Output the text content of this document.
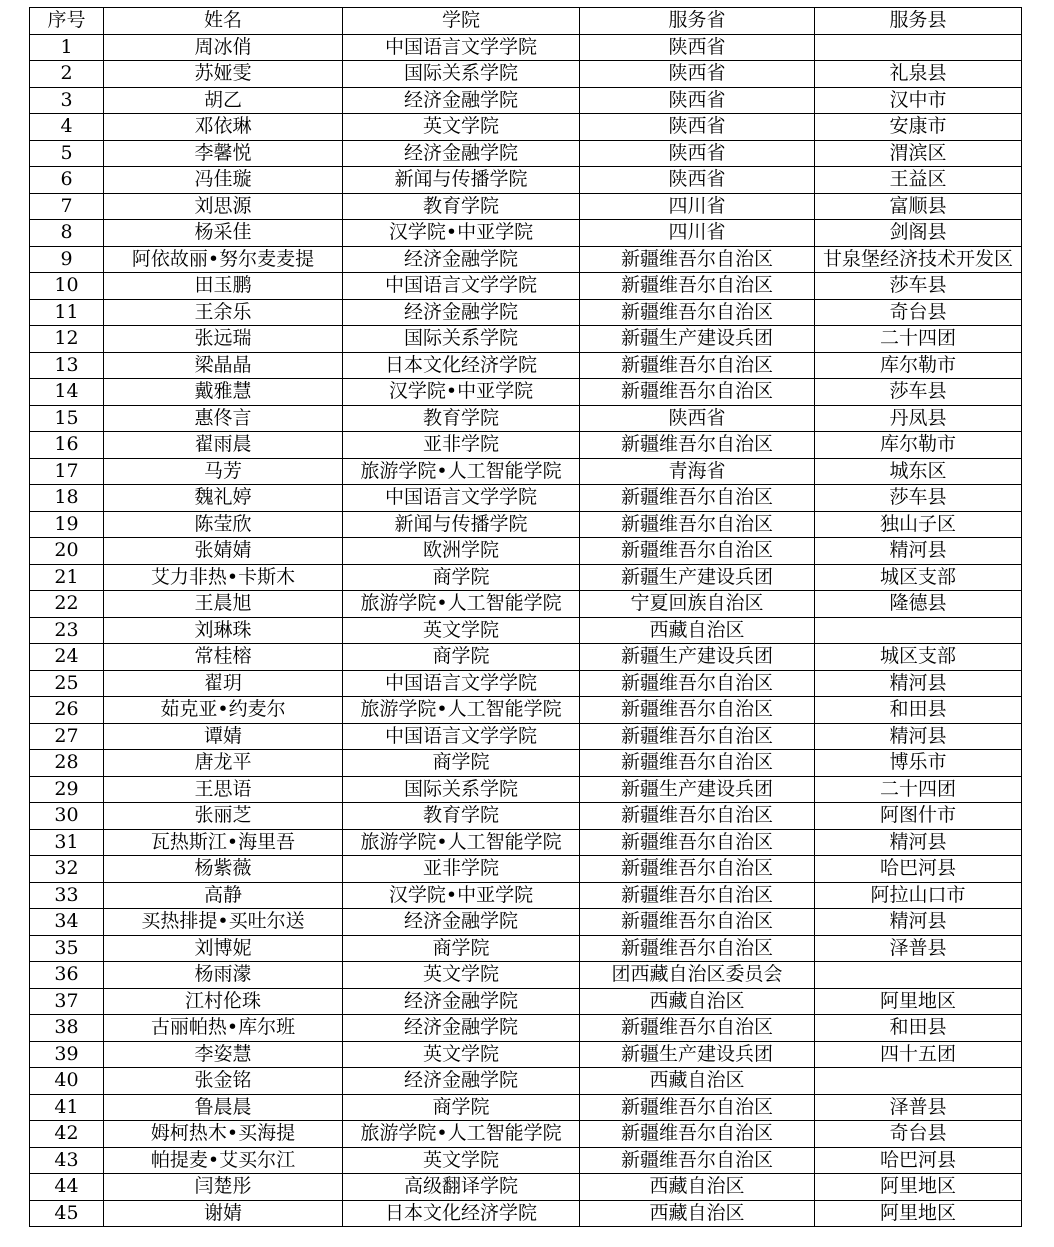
序号	姓名	学院	服务省	服务县
1	周冰俏	中国语言文学学院	陕西省	
2	苏娅雯	国际关系学院	陕西省	礼泉县
3	胡乙	经济金融学院	陕西省	汉中市
4	邓依琳	英文学院	陕西省	安康市
5	李馨悦	经济金融学院	陕西省	渭滨区
6	冯佳璇	新闻与传播学院	陕西省	王益区
7	刘思源	教育学院	四川省	富顺县
8	杨采佳	汉学院•中亚学院	四川省	剑阁县
9	阿依故丽•努尔麦麦提	经济金融学院	新疆维吾尔自治区	甘泉堡经济技术开发区
10	田玉鹏	中国语言文学学院	新疆维吾尔自治区	莎车县
11	王余乐	经济金融学院	新疆维吾尔自治区	奇台县
12	张远瑞	国际关系学院	新疆生产建设兵团	二十四团
13	梁晶晶	日本文化经济学院	新疆维吾尔自治区	库尔勒市
14	戴雅慧	汉学院•中亚学院	新疆维吾尔自治区	莎车县
15	惠佟言	教育学院	陕西省	丹凤县
16	翟雨晨	亚非学院	新疆维吾尔自治区	库尔勒市
17	马芳	旅游学院•人工智能学院	青海省	城东区
18	魏礼婷	中国语言文学学院	新疆维吾尔自治区	莎车县
19	陈莹欣	新闻与传播学院	新疆维吾尔自治区	独山子区
20	张婧婧	欧洲学院	新疆维吾尔自治区	精河县
21	艾力非热•卡斯木	商学院	新疆生产建设兵团	城区支部
22	王晨旭	旅游学院•人工智能学院	宁夏回族自治区	隆德县
23	刘琳珠	英文学院	西藏自治区	
24	常桂榕	商学院	新疆生产建设兵团	城区支部
25	翟玥	中国语言文学学院	新疆维吾尔自治区	精河县
26	茹克亚•约麦尔	旅游学院•人工智能学院	新疆维吾尔自治区	和田县
27	谭婧	中国语言文学学院	新疆维吾尔自治区	精河县
28	唐龙平	商学院	新疆维吾尔自治区	博乐市
29	王思语	国际关系学院	新疆生产建设兵团	二十四团
30	张丽芝	教育学院	新疆维吾尔自治区	阿图什市
31	瓦热斯江•海里吾	旅游学院•人工智能学院	新疆维吾尔自治区	精河县
32	杨紫薇	亚非学院	新疆维吾尔自治区	哈巴河县
33	高静	汉学院•中亚学院	新疆维吾尔自治区	阿拉山口市
34	买热排提•买吐尔送	经济金融学院	新疆维吾尔自治区	精河县
35	刘博妮	商学院	新疆维吾尔自治区	泽普县
36	杨雨濛	英文学院	团西藏自治区委员会	
37	江村伦珠	经济金融学院	西藏自治区	阿里地区
38	古丽帕热•库尔班	经济金融学院	新疆维吾尔自治区	和田县
39	李姿慧	英文学院	新疆生产建设兵团	四十五团
40	张金铭	经济金融学院	西藏自治区	
41	鲁晨晨	商学院	新疆维吾尔自治区	泽普县
42	姆柯热木•买海提	旅游学院•人工智能学院	新疆维吾尔自治区	奇台县
43	帕提麦•艾买尔江	英文学院	新疆维吾尔自治区	哈巴河县
44	闫楚彤	高级翻译学院	西藏自治区	阿里地区
45	谢婧	日本文化经济学院	西藏自治区	阿里地区
